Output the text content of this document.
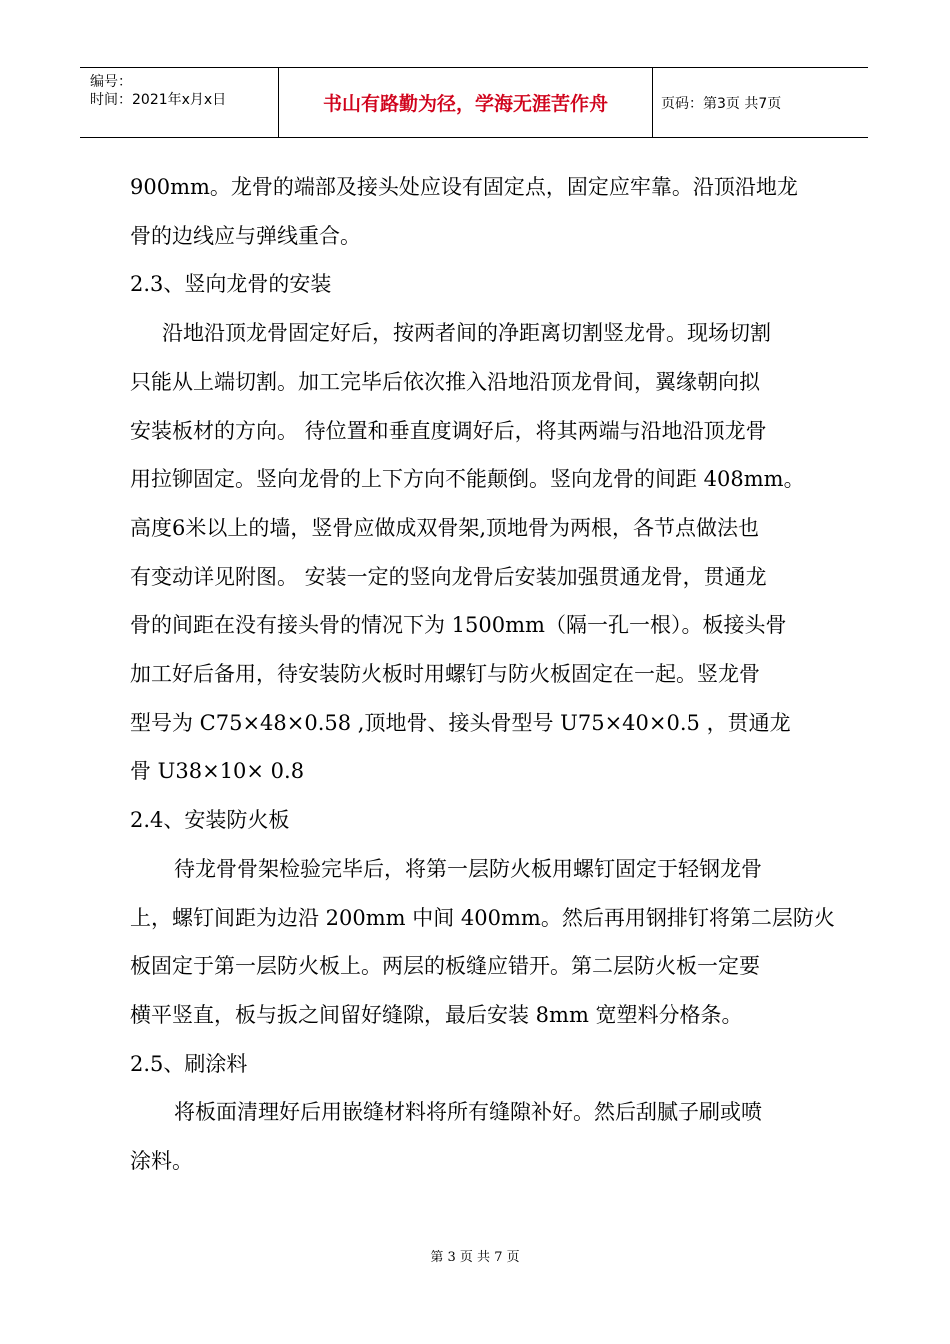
编号：
时间：2021年x月x日	书山有路勤为径，学海无涯苦作舟	页码：第3页 共7页

900mm。龙骨的端部及接头处应设有固定点，固定应牢靠。沿顶沿地龙

骨的边线应与弹线重合。

2.3、竖向龙骨的安装

沿地沿顶龙骨固定好后，按两者间的净距离切割竖龙骨。现场切割

只能从上端切割。加工完毕后依次推入沿地沿顶龙骨间，翼缘朝向拟

安装板材的方向。 待位置和垂直度调好后，将其两端与沿地沿顶龙骨

用拉铆固定。竖向龙骨的上下方向不能颠倒。竖向龙骨的间距 408mm。

高度6米以上的墙，竖骨应做成双骨架,顶地骨为两根，各节点做法也

有变动详见附图。 安装一定的竖向龙骨后安装加强贯通龙骨，贯通龙

骨的间距在没有接头骨的情况下为 1500mm（隔一孔一根）。板接头骨

加工好后备用，待安装防火板时用螺钉与防火板固定在一起。竖龙骨

型号为 C75×48×0.58 ,顶地骨、接头骨型号 U75×40×0.5 ，贯通龙

骨 U38×10× 0.8

2.4、安装防火板

待龙骨骨架检验完毕后，将第一层防火板用螺钉固定于轻钢龙骨

上，螺钉间距为边沿 200mm 中间 400mm。然后再用钢排钉将第二层防火

板固定于第一层防火板上。两层的板缝应错开。第二层防火板一定要

横平竖直，板与扳之间留好缝隙，最后安装 8mm 宽塑料分格条。

2.5、刷涂料

将板面清理好后用嵌缝材料将所有缝隙补好。然后刮腻子刷或喷

涂料。

第 3 页 共 7 页
